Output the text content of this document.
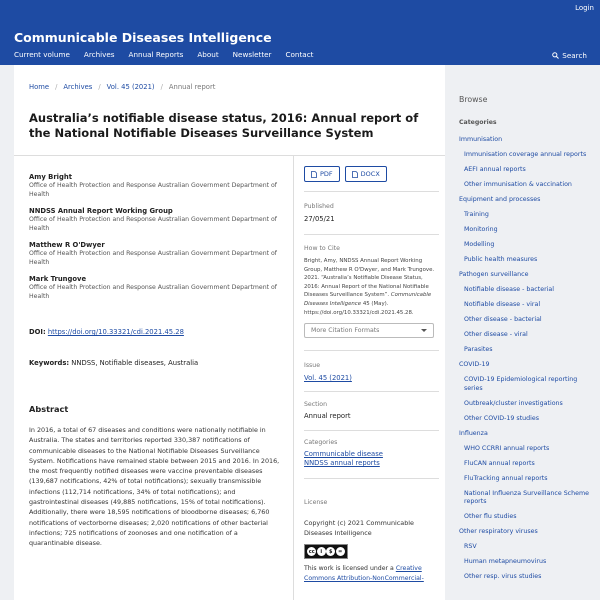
Login
Communicable Diseases Intelligence
Current volume Archives Annual Reports About Newsletter Contact	Search
Home / Archives / Vol. 45 (2021) / Annual report
Australia’s notifiable disease status, 2016: Annual report of the National Notifiable Diseases Surveillance System
Amy Bright
Office of Health Protection and Response Australian Government Department of Health
NNDSS Annual Report Working Group
Office of Health Protection and Response Australian Government Department of Health
Matthew R O'Dwyer
Office of Health Protection and Response Australian Government Department of Health
Mark Trungove
Office of Health Protection and Response Australian Government Department of Health
DOI: https://doi.org/10.33321/cdi.2021.45.28
Keywords: NNDSS, Notifiable diseases, Australia
Abstract

In 2016, a total of 67 diseases and conditions were nationally notifiable in Australia. The states and territories reported 330,387 notifications of communicable diseases to the National Notifiable Diseases Surveillance System. Notifications have remained stable between 2015 and 2016. In 2016, the most frequently notified diseases were vaccine preventable diseases (139,687 notifications, 42% of total notifications); sexually transmissible infections (112,714 notifications, 34% of total notifications); and gastrointestinal diseases (49,885 notifications, 15% of total notifications). Additionally, there were 18,595 notifications of bloodborne diseases; 6,760 notifications of vectorborne diseases; 2,020 notifications of other bacterial infections; 725 notifications of zoonoses and one notification of a quarantinable disease.

PDF	DOCX
Published
27/05/21
How to Cite
Bright, Amy, NNDSS Annual Report Working Group, Matthew R O'Dwyer, and Mark Trungove. 2021. “Australia’s Notifiable Disease Status, 2016: Annual Report of the National Notifiable Diseases Surveillance System”. Communicable Diseases Intelligence 45 (May). https://doi.org/10.33321/cdi.2021.45.28.
More Citation Formats
Issue
Vol. 45 (2021)
Section
Annual report
Categories
Communicable disease
NNDSS annual reports
License
Copyright (c) 2021 Communicable Diseases Intelligence
cc	i	$	=
This work is licensed under a Creative Commons Attribution-NonCommercial-
Browse
Categories
Immunisation
Immunisation coverage annual reports
AEFI annual reports
Other immunisation & vaccination
Equipment and processes
Training
Monitoring
Modelling
Public health measures
Pathogen surveillance
Notifiable disease - bacterial
Notifiable disease - viral
Other disease - bacterial
Other disease - viral
Parasites
COVID-19
COVID-19 Epidemiological reporting series
Outbreak/cluster investigations
Other COVID-19 studies
Influenza
WHO CCRRI annual reports
FluCAN annual reports
FluTracking annual reports
National Influenza Surveillance Scheme reports
Other flu studies
Other respiratory viruses
RSV
Human metapneumovirus
Other resp. virus studies
